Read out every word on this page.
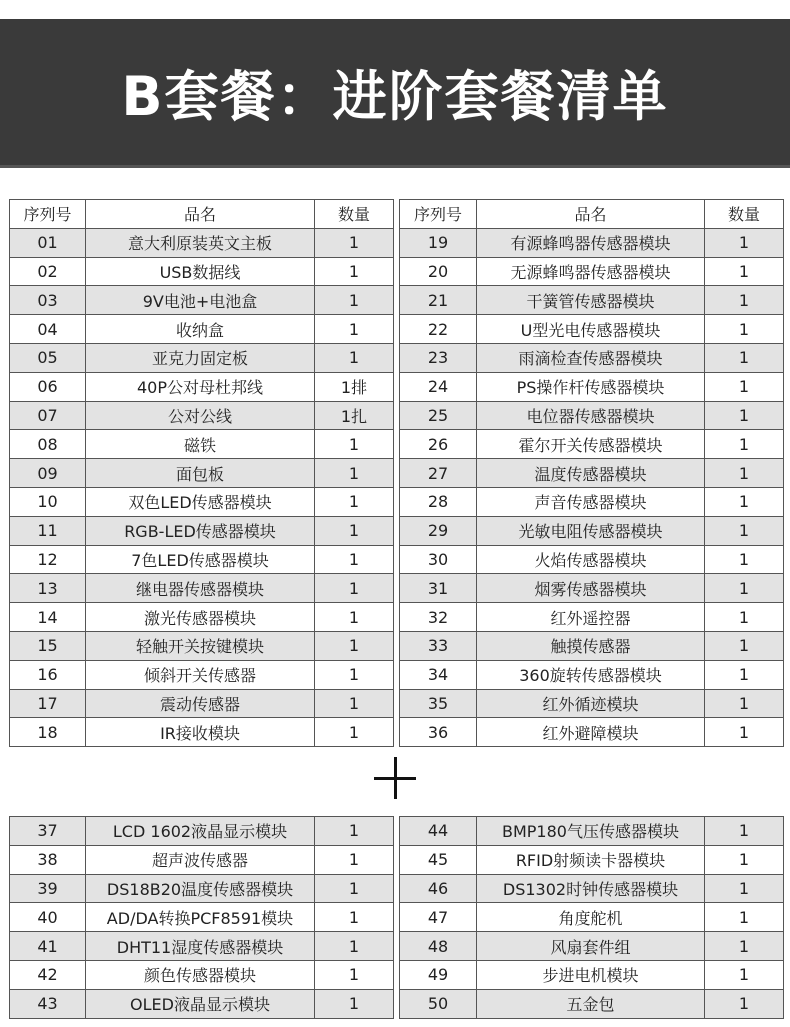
B套餐：进阶套餐清单
序列号	品名	数量
01	意大利原装英文主板	1
02	USB数据线	1
03	9V电池+电池盒	1
04	收纳盒	1
05	亚克力固定板	1
06	40P公对母杜邦线	1排
07	公对公线	1扎
08	磁铁	1
09	面包板	1
10	双色LED传感器模块	1
11	RGB-LED传感器模块	1
12	7色LED传感器模块	1
13	继电器传感器模块	1
14	激光传感器模块	1
15	轻触开关按键模块	1
16	倾斜开关传感器	1
17	震动传感器	1
18	IR接收模块	1
序列号	品名	数量
19	有源蜂鸣器传感器模块	1
20	无源蜂鸣器传感器模块	1
21	干簧管传感器模块	1
22	U型光电传感器模块	1
23	雨滴检查传感器模块	1
24	PS操作杆传感器模块	1
25	电位器传感器模块	1
26	霍尔开关传感器模块	1
27	温度传感器模块	1
28	声音传感器模块	1
29	光敏电阻传感器模块	1
30	火焰传感器模块	1
31	烟雾传感器模块	1
32	红外遥控器	1
33	触摸传感器	1
34	360旋转传感器模块	1
35	红外循迹模块	1
36	红外避障模块	1
37	LCD 1602液晶显示模块	1
38	超声波传感器	1
39	DS18B20温度传感器模块	1
40	AD/DA转换PCF8591模块	1
41	DHT11湿度传感器模块	1
42	颜色传感器模块	1
43	OLED液晶显示模块	1
44	BMP180气压传感器模块	1
45	RFID射频读卡器模块	1
46	DS1302时钟传感器模块	1
47	角度舵机	1
48	风扇套件组	1
49	步进电机模块	1
50	五金包	1
